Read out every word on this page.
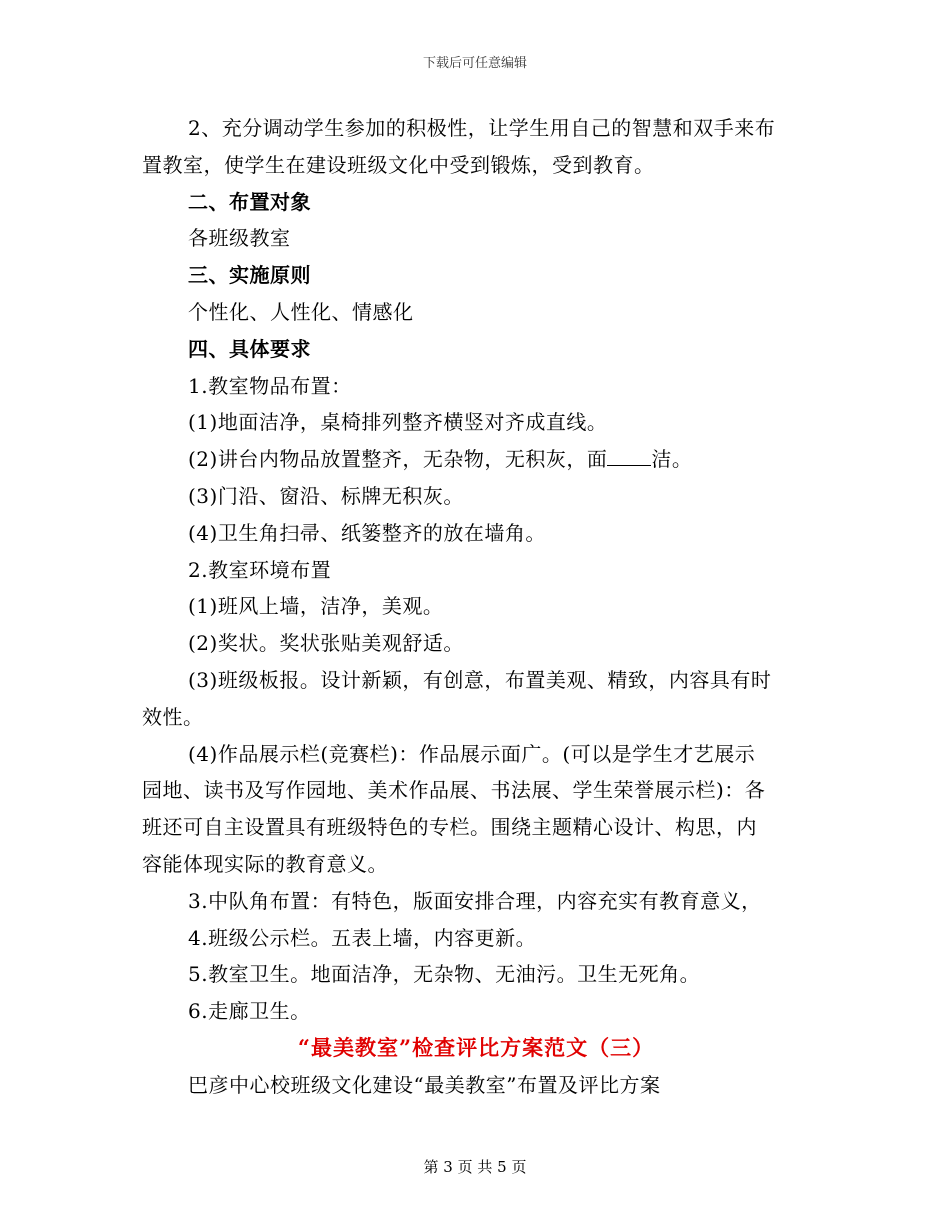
下载后可任意编辑
2、充分调动学生参加的积极性，让学生用自己的智慧和双手来布
置教室，使学生在建设班级文化中受到锻炼，受到教育。
二、布置对象
各班级教室
三、实施原则
个性化、人性化、情感化
四、具体要求
1.教室物品布置：
(1)地面洁净，桌椅排列整齐横竖对齐成直线。
(2)讲台内物品放置整齐，无杂物，无积灰，面 洁。
(3)门沿、窗沿、标牌无积灰。
(4)卫生角扫帚、纸篓整齐的放在墙角。
2.教室环境布置
(1)班风上墙，洁净，美观。
(2)奖状。奖状张贴美观舒适。
(3)班级板报。设计新颖，有创意，布置美观、精致，内容具有时
效性。
(4)作品展示栏(竞赛栏)：作品展示面广。(可以是学生才艺展示
园地、读书及写作园地、美术作品展、书法展、学生荣誉展示栏)：各
班还可自主设置具有班级特色的专栏。围绕主题精心设计、构思，内
容能体现实际的教育意义。
3.中队角布置：有特色，版面安排合理，内容充实有教育意义，
4.班级公示栏。五表上墙，内容更新。
5.教室卫生。地面洁净，无杂物、无油污。卫生无死角。
6.走廊卫生。
“最美教室”检查评比方案范文（三）
巴彦中心校班级文化建设“最美教室”布置及评比方案
第 3 页 共 5 页
